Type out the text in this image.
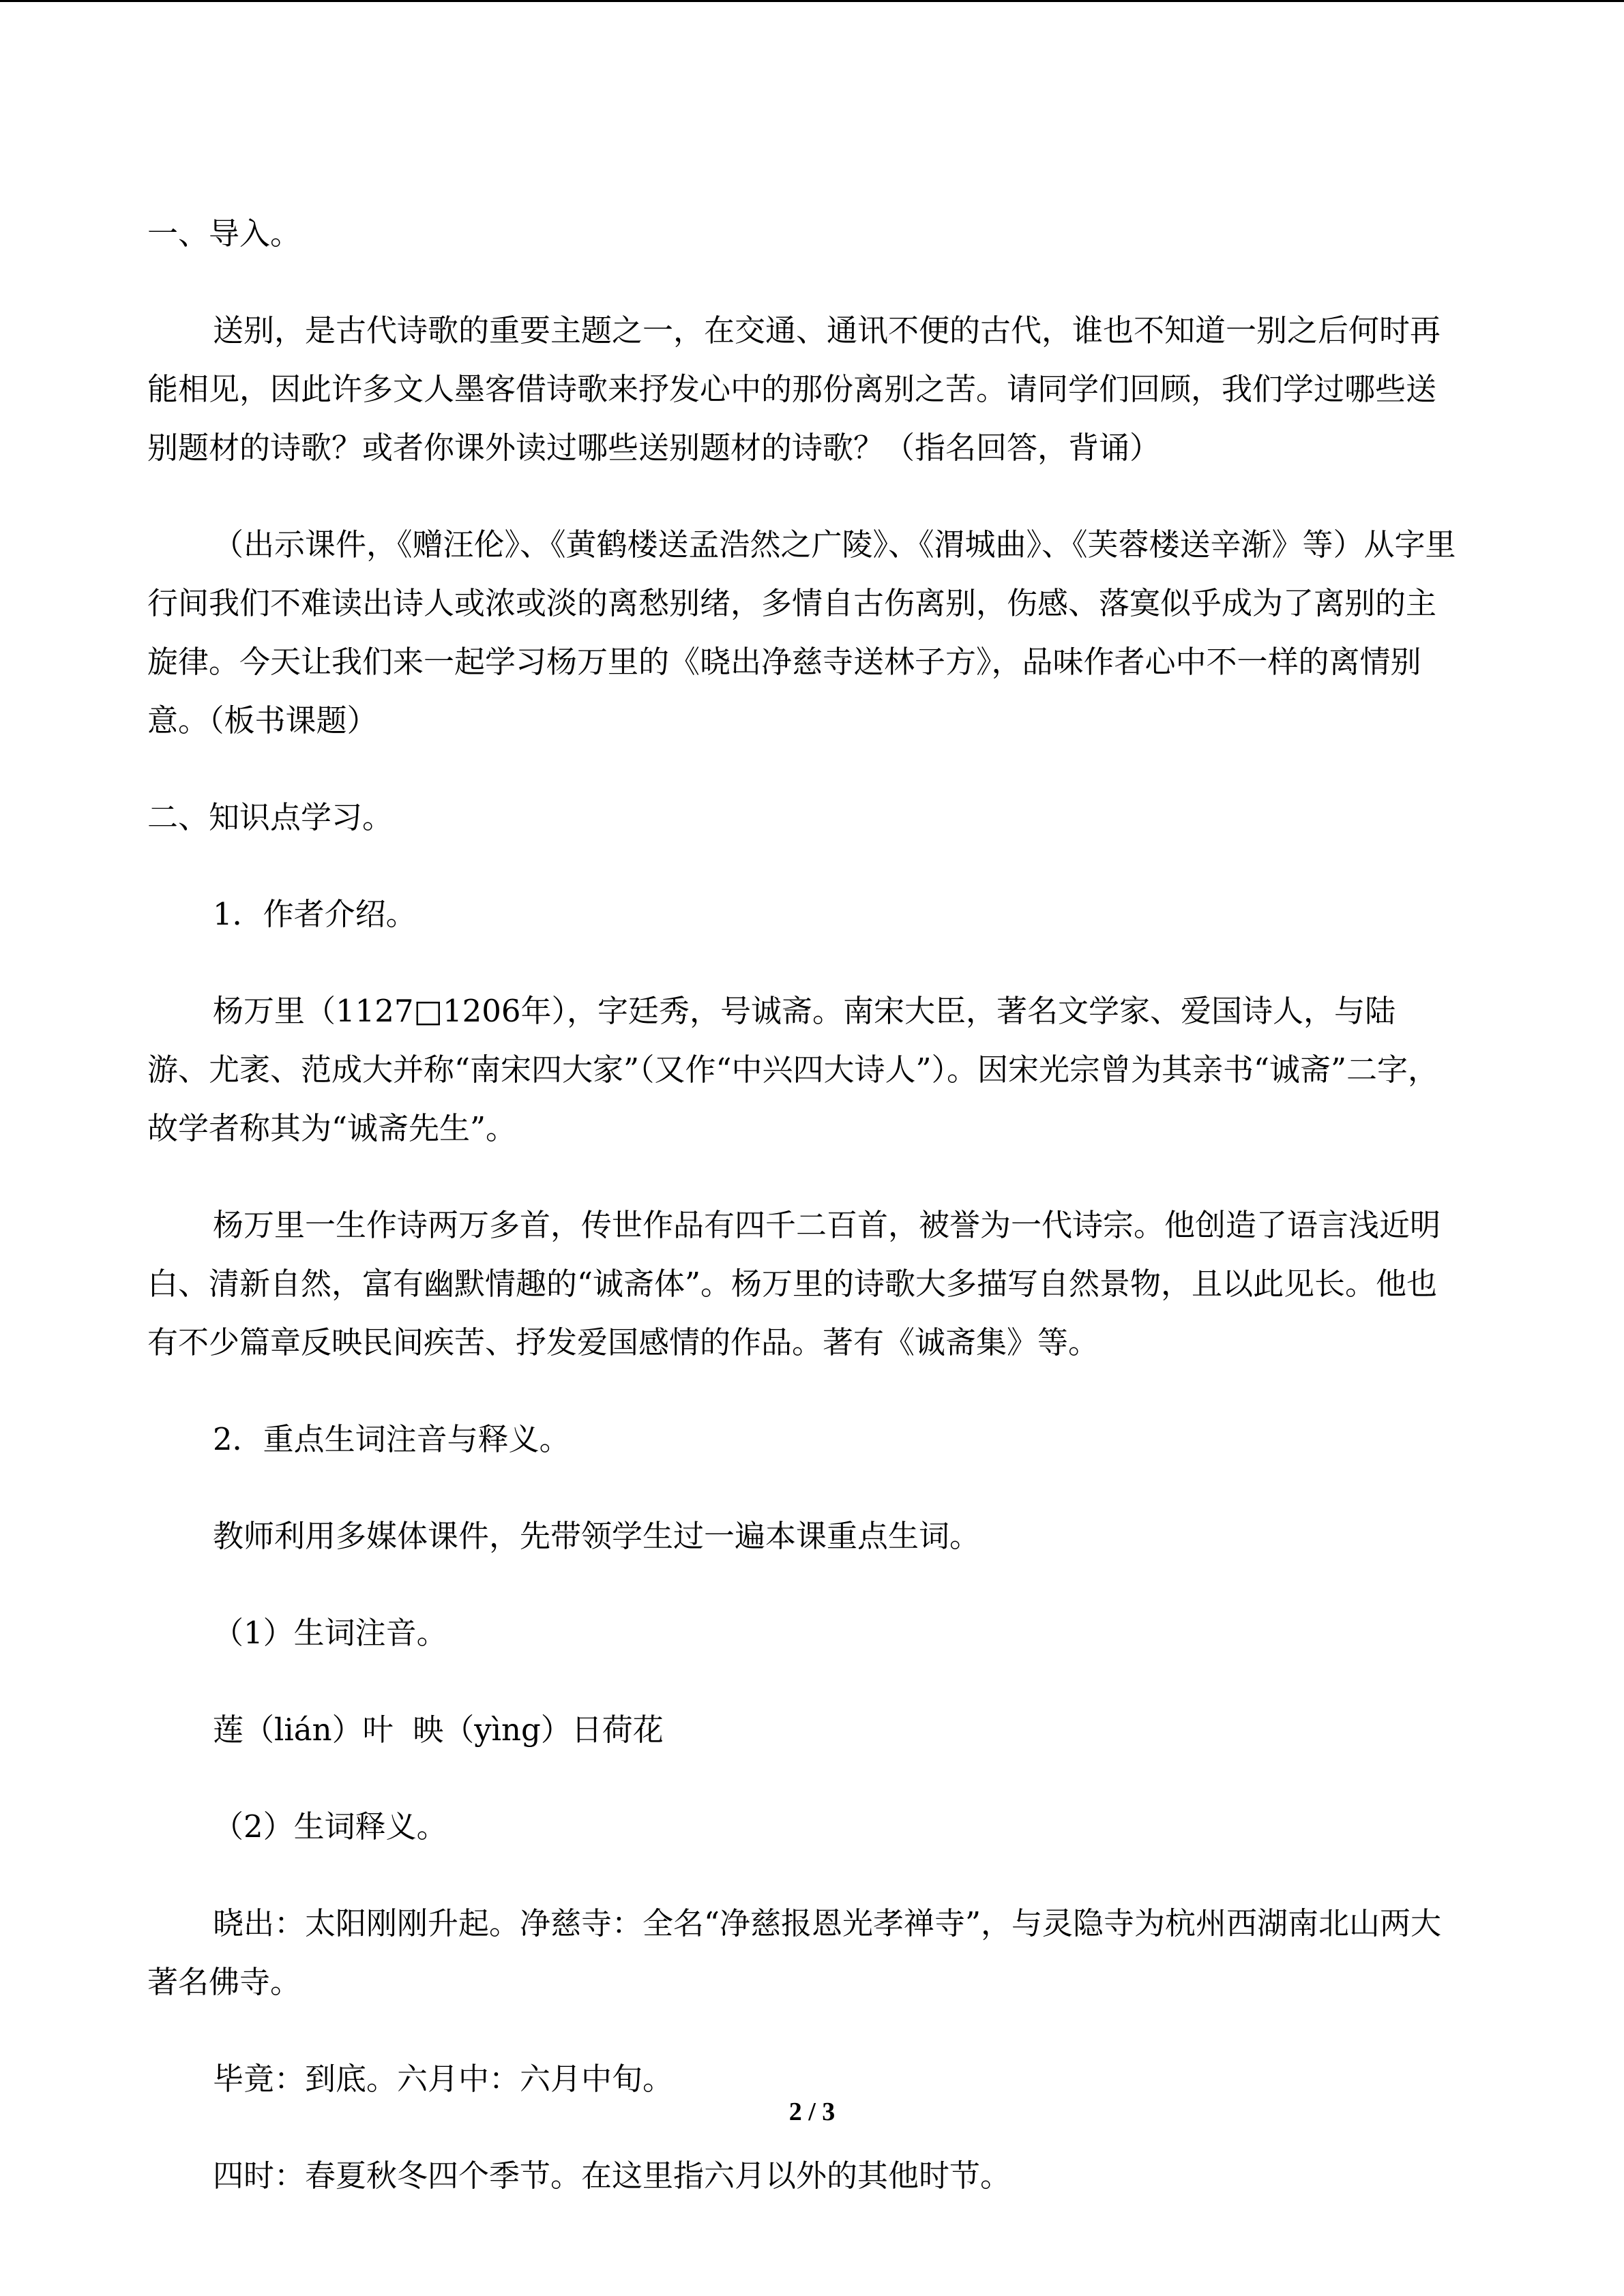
一、导入。

送别，是古代诗歌的重要主题之一，在交通、通讯不便的古代，谁也不知道一别之后何时再能相见，因此许多文人墨客借诗歌来抒发心中的那份离别之苦。请同学们回顾，我们学过哪些送别题材的诗歌？或者你课外读过哪些送别题材的诗歌？（指名回答，背诵）

（出示课件，《赠汪伦》、《黄鹤楼送孟浩然之广陵》、《渭城曲》、《芙蓉楼送辛渐》等）从字里行间我们不难读出诗人或浓或淡的离愁别绪，多情自古伤离别，伤感、落寞似乎成为了离别的主旋律。今天让我们来一起学习杨万里的《晓出净慈寺送林子方》，品味作者心中不一样的离情别意。（板书课题）

二、知识点学习。

1．作者介绍。

杨万里（1127□1206年），字廷秀，号诚斋。南宋大臣，著名文学家、爱国诗人，与陆游、尤袤、范成大并称“南宋四大家”（又作“中兴四大诗人”）。因宋光宗曾为其亲书“诚斋”二字，故学者称其为“诚斋先生”。

杨万里一生作诗两万多首，传世作品有四千二百首，被誉为一代诗宗。他创造了语言浅近明白、清新自然，富有幽默情趣的“诚斋体”。杨万里的诗歌大多描写自然景物，且以此见长。他也有不少篇章反映民间疾苦、抒发爱国感情的作品。著有《诚斋集》等。

2．重点生词注音与释义。

教师利用多媒体课件，先带领学生过一遍本课重点生词。

（1）生词注音。

莲（lián）叶  映（yìng）日荷花

（2）生词释义。

晓出：太阳刚刚升起。净慈寺：全名“净慈报恩光孝禅寺”，与灵隐寺为杭州西湖南北山两大著名佛寺。

毕竟：到底。六月中：六月中旬。

四时：春夏秋冬四个季节。在这里指六月以外的其他时节。

2 / 3
